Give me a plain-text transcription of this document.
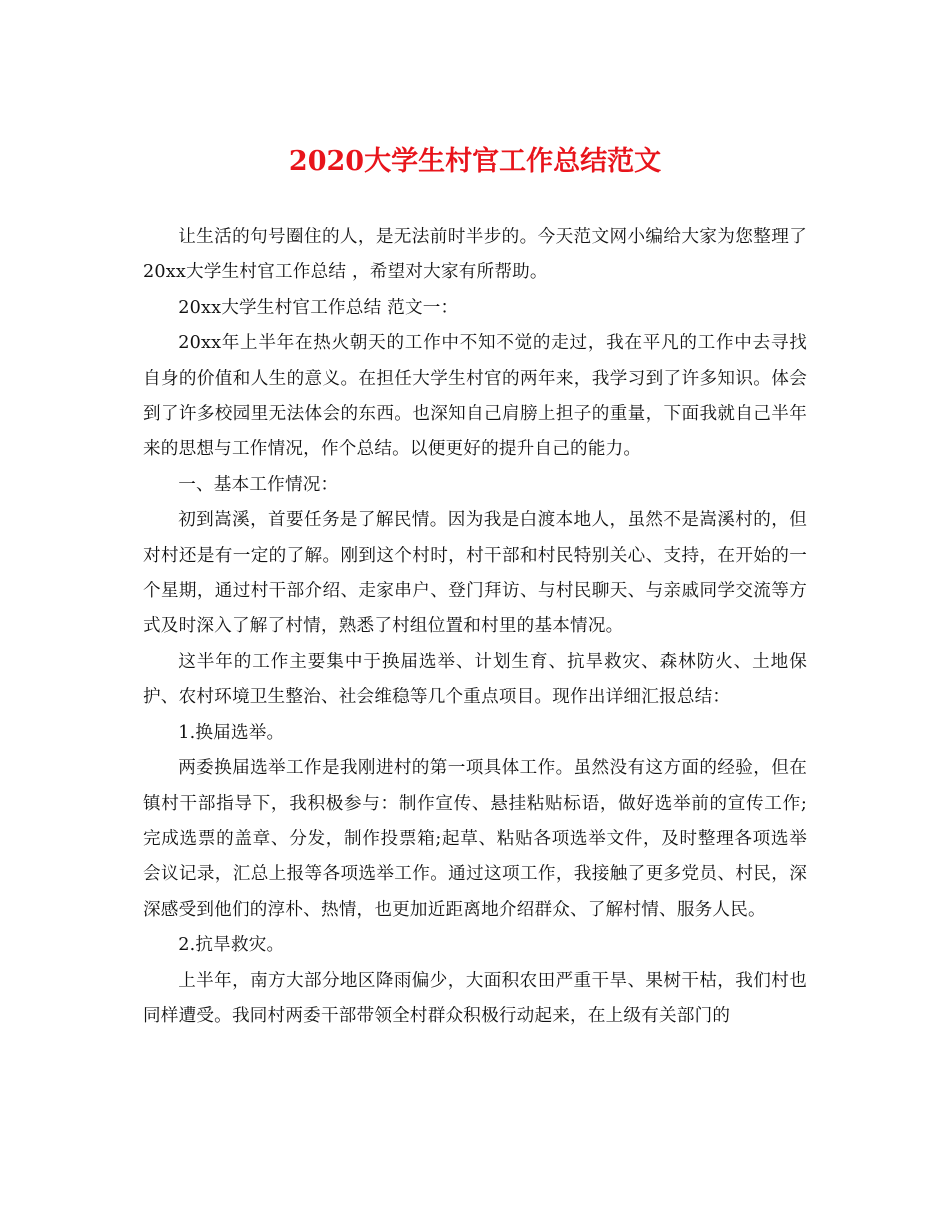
2020大学生村官工作总结范文

让生活的句号圈住的人，是无法前时半步的。今天范文网小编给大家为您整理了20xx大学生村官工作总结 ，希望对大家有所帮助。

20xx大学生村官工作总结 范文一：

20xx年上半年在热火朝天的工作中不知不觉的走过，我在平凡的工作中去寻找自身的价值和人生的意义。在担任大学生村官的两年来，我学习到了许多知识。体会到了许多校园里无法体会的东西。也深知自己肩膀上担子的重量，下面我就自己半年来的思想与工作情况，作个总结。以便更好的提升自己的能力。

一、基本工作情况：

初到嵩溪，首要任务是了解民情。因为我是白渡本地人，虽然不是嵩溪村的，但对村还是有一定的了解。刚到这个村时，村干部和村民特别关心、支持，在开始的一个星期，通过村干部介绍、走家串户、登门拜访、与村民聊天、与亲戚同学交流等方式及时深入了解了村情，熟悉了村组位置和村里的基本情况。

这半年的工作主要集中于换届选举、计划生育、抗旱救灾、森林防火、土地保护、农村环境卫生整治、社会维稳等几个重点项目。现作出详细汇报总结：

1.换届选举。

两委换届选举工作是我刚进村的第一项具体工作。虽然没有这方面的经验，但在镇村干部指导下，我积极参与：制作宣传、悬挂粘贴标语，做好选举前的宣传工作;完成选票的盖章、分发，制作投票箱;起草、粘贴各项选举文件，及时整理各项选举会议记录，汇总上报等各项选举工作。通过这项工作，我接触了更多党员、村民，深深感受到他们的淳朴、热情，也更加近距离地介绍群众、了解村情、服务人民。

2.抗旱救灾。

上半年，南方大部分地区降雨偏少，大面积农田严重干旱、果树干枯，我们村也同样遭受。我同村两委干部带领全村群众积极行动起来，在上级有关部门的
